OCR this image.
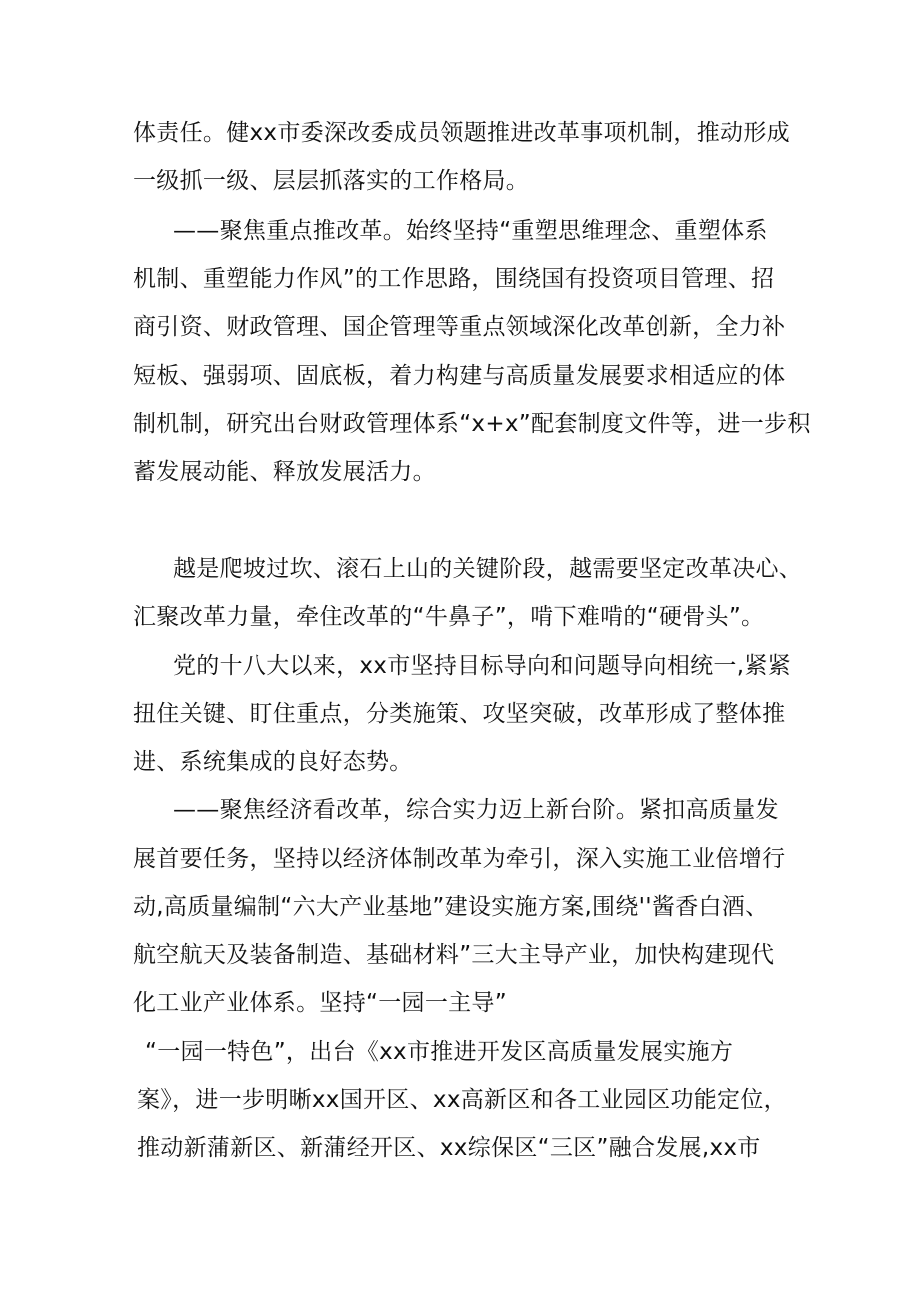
体责任。健xx市委深改委成员领题推进改革事项机制，推动形成
一级抓一级、层层抓落实的工作格局。
——聚焦重点推改革。始终坚持“重塑思维理念、重塑体系
机制、重塑能力作风”的工作思路，围绕国有投资项目管理、招
商引资、财政管理、国企管理等重点领域深化改革创新，全力补
短板、强弱项、固底板，着力构建与高质量发展要求相适应的体
制机制，研究出台财政管理体系“x+x”配套制度文件等，进一步积
蓄发展动能、释放发展活力。
越是爬坡过坎、滚石上山的关键阶段，越需要坚定改革决心、
汇聚改革力量，牵住改革的“牛鼻子”，啃下难啃的“硬骨头”。
党的十八大以来，xx市坚持目标导向和问题导向相统一,紧紧
扭住关键、盯住重点，分类施策、攻坚突破，改革形成了整体推
进、系统集成的良好态势。
——聚焦经济看改革，综合实力迈上新台阶。紧扣高质量发
展首要任务，坚持以经济体制改革为牵引，深入实施工业倍增行
动,高质量编制“六大产业基地”建设实施方案,围绕''酱香白酒、
航空航天及装备制造、基础材料”三大主导产业，加快构建现代
化工业产业体系。坚持“一园一主导”
“一园一特色”，出台《xx市推进开发区高质量发展实施方
案》，进一步明晰xx国开区、xx高新区和各工业园区功能定位，
推动新蒲新区、新蒲经开区、xx综保区“三区”融合发展,xx市
